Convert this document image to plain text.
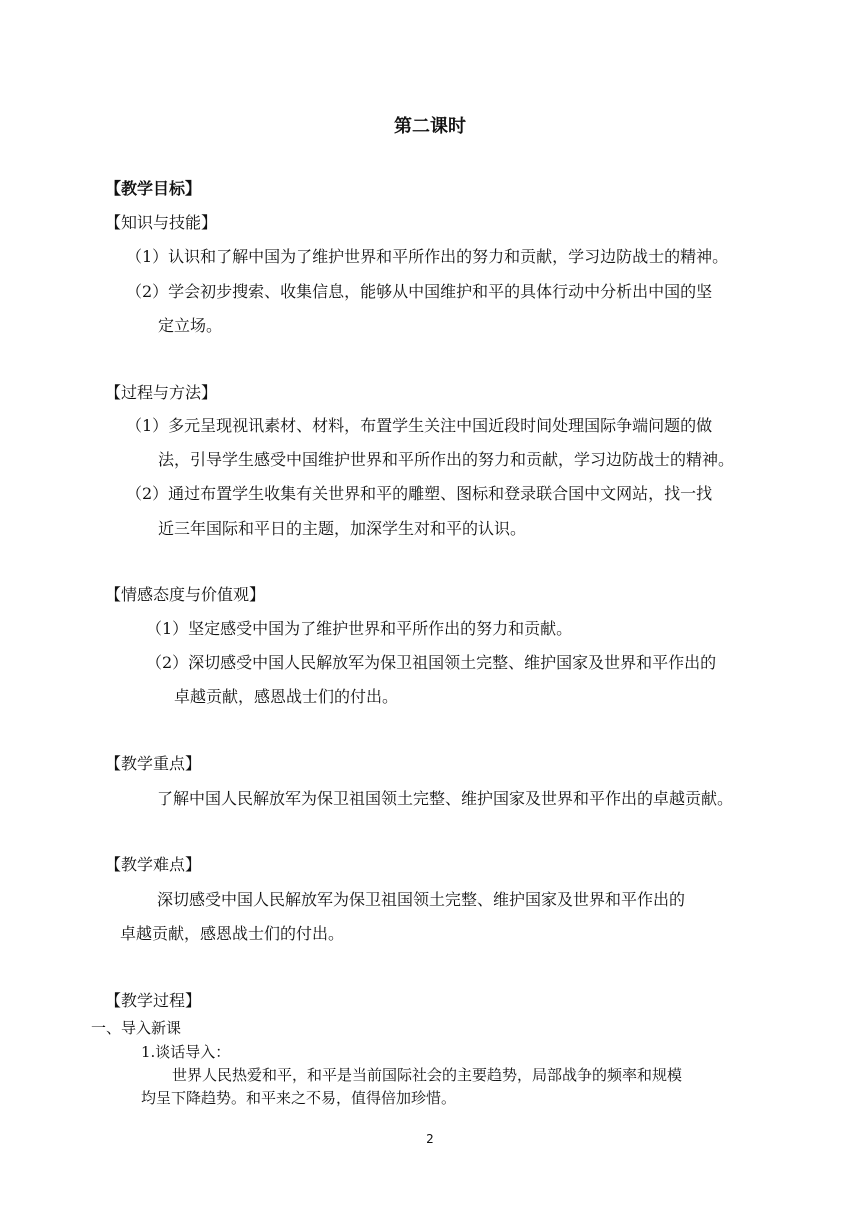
第二课时
【教学目标】
【知识与技能】
（1）认识和了解中国为了维护世界和平所作出的努力和贡献，学习边防战士的精神。
（2）学会初步搜索、收集信息，能够从中国维护和平的具体行动中分析出中国的坚
定立场。
【过程与方法】
（1）多元呈现视讯素材、材料，布置学生关注中国近段时间处理国际争端问题的做
法，引导学生感受中国维护世界和平所作出的努力和贡献，学习边防战士的精神。
（2）通过布置学生收集有关世界和平的雕塑、图标和登录联合国中文网站，找一找
近三年国际和平日的主题，加深学生对和平的认识。
【情感态度与价值观】
（1）坚定感受中国为了维护世界和平所作出的努力和贡献。
（2）深切感受中国人民解放军为保卫祖国领土完整、维护国家及世界和平作出的
卓越贡献，感恩战士们的付出。
【教学重点】
了解中国人民解放军为保卫祖国领土完整、维护国家及世界和平作出的卓越贡献。
【教学难点】
深切感受中国人民解放军为保卫祖国领土完整、维护国家及世界和平作出的
卓越贡献，感恩战士们的付出。
【教学过程】
一、导入新课
1.谈话导入：
世界人民热爱和平，和平是当前国际社会的主要趋势，局部战争的频率和规模
均呈下降趋势。和平来之不易，值得倍加珍惜。
2
